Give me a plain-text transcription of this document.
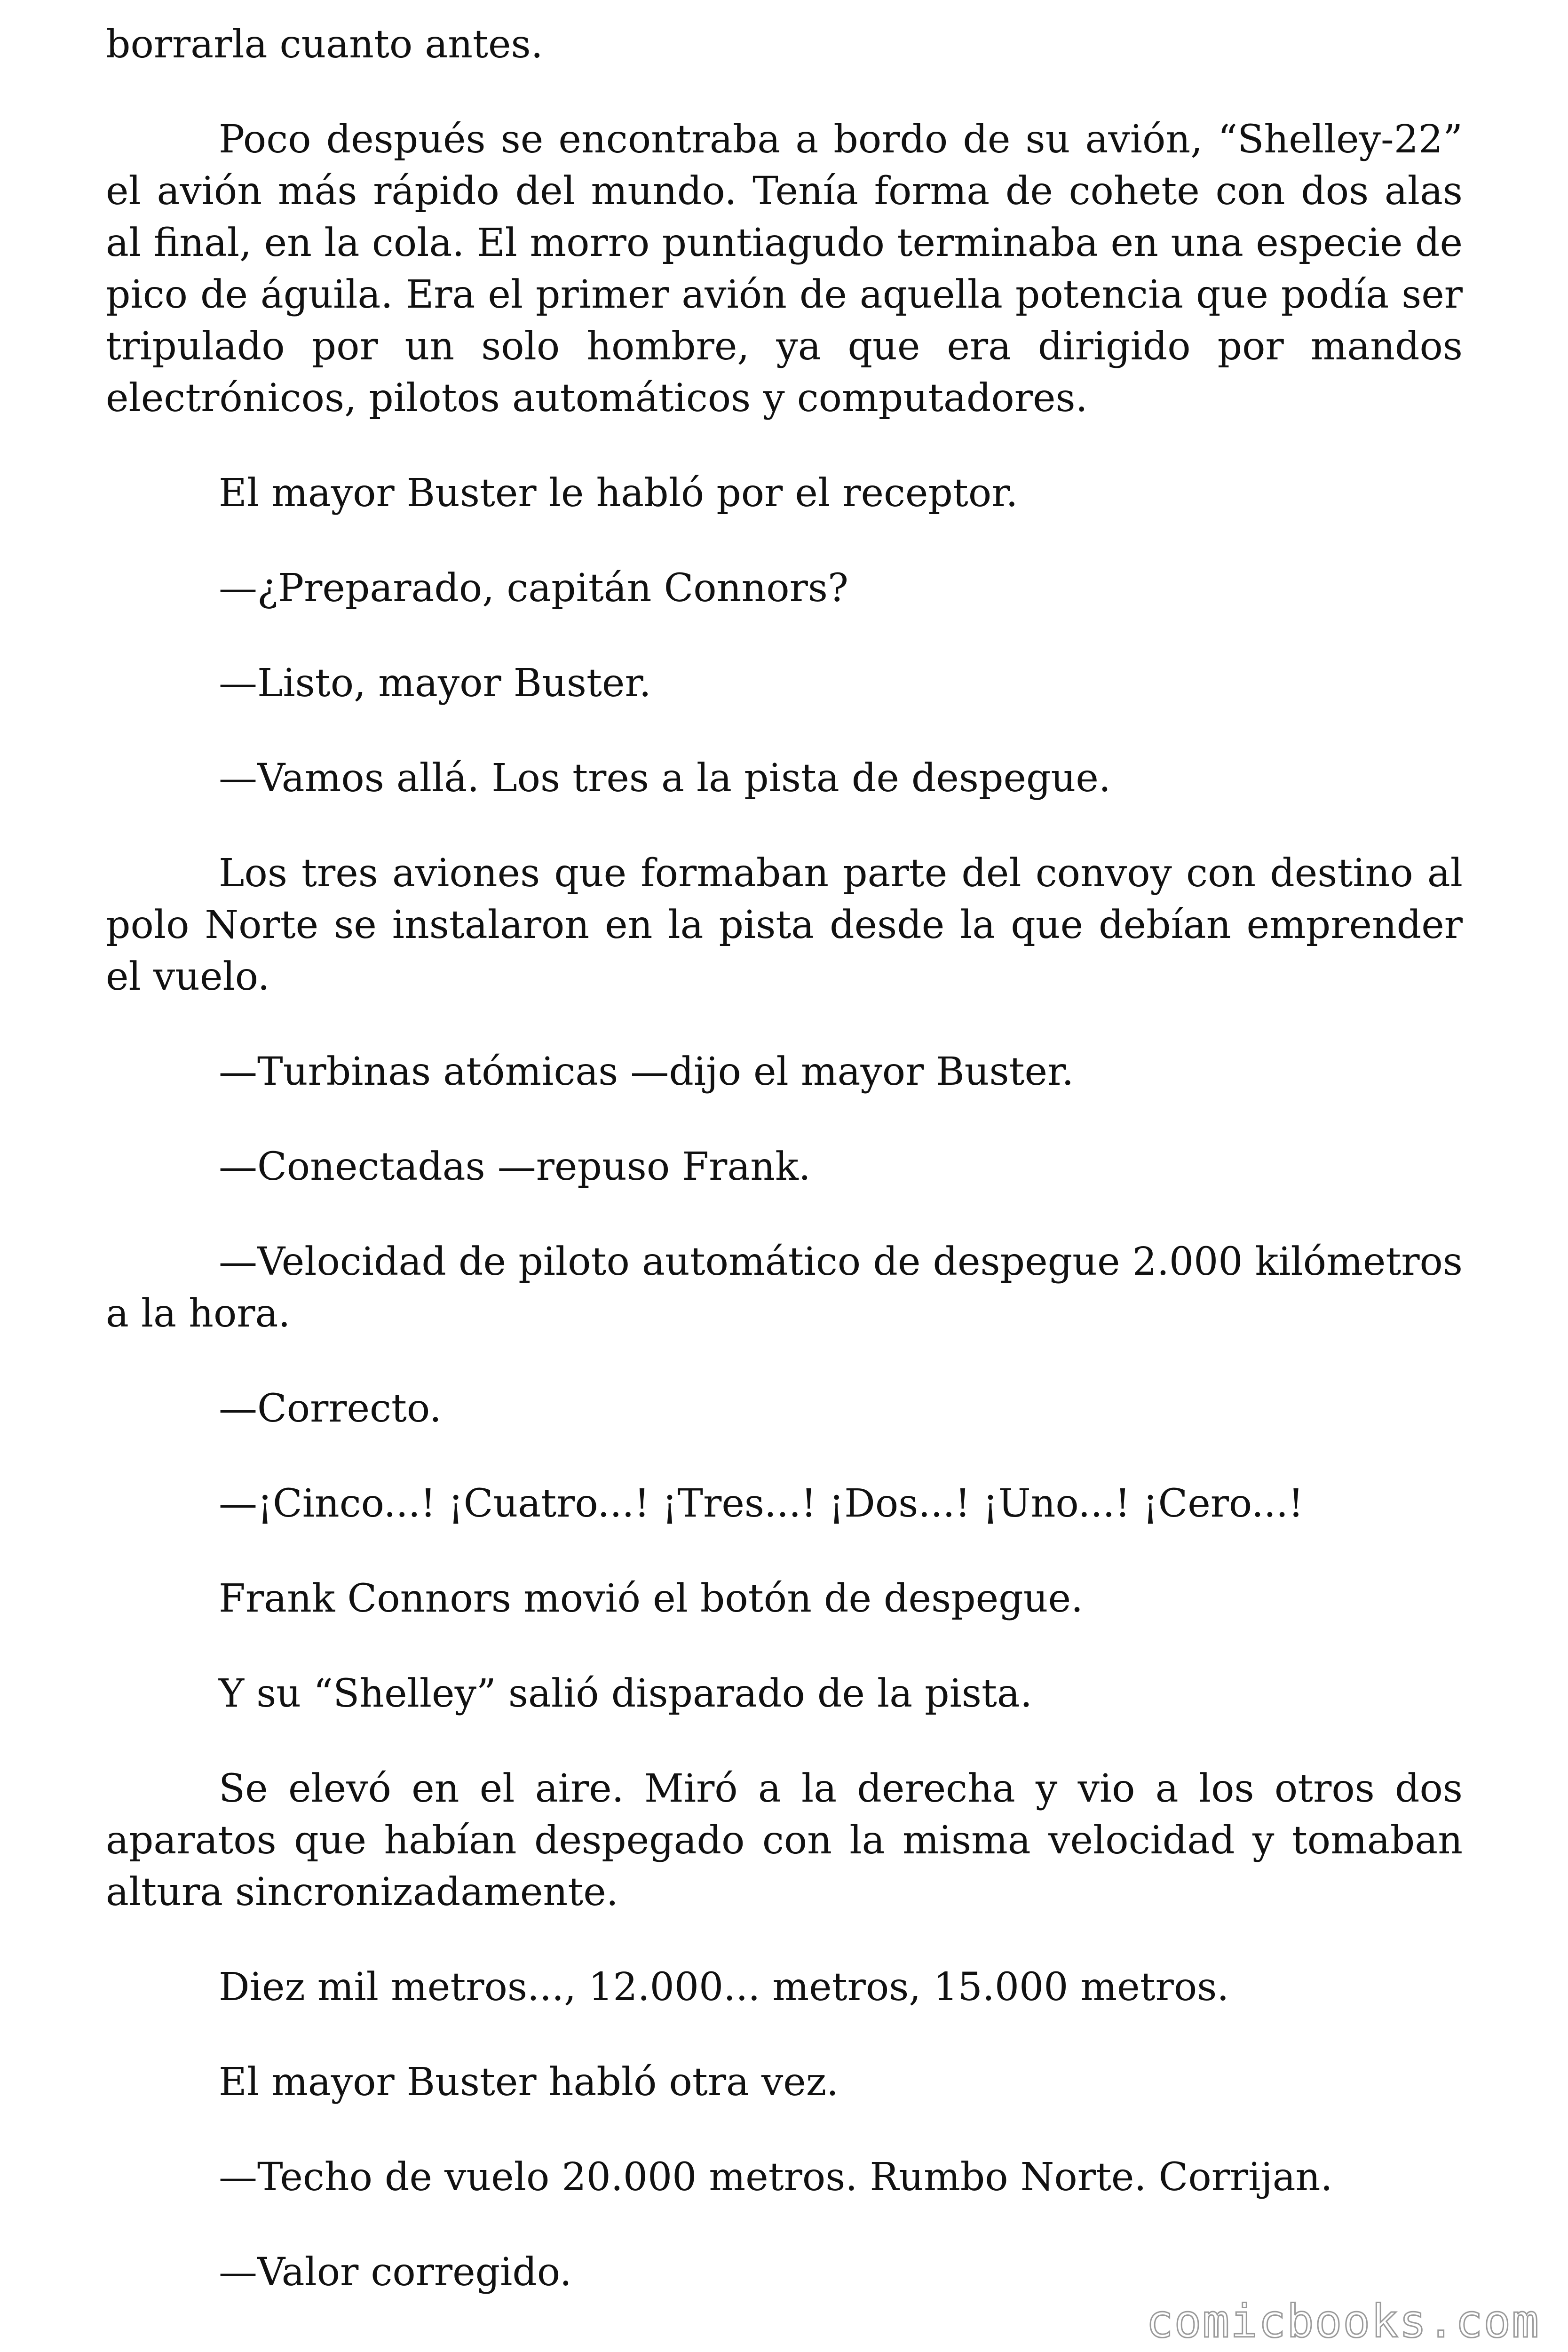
borrarla cuanto antes.

Poco después se encontraba a bordo de su avión, “Shelley-22” el avión más rápido del mundo. Tenía forma de cohete con dos alas al final, en la cola. El morro puntiagudo terminaba en una especie de pico de águila. Era el primer avión de aquella potencia que podía ser tripulado por un solo hombre, ya que era dirigido por mandos electrónicos, pilotos automáticos y computadores.

El mayor Buster le habló por el receptor.

—¿Preparado, capitán Connors?

—Listo, mayor Buster.

—Vamos allá. Los tres a la pista de despegue.

Los tres aviones que formaban parte del convoy con destino al polo Norte se instalaron en la pista desde la que debían emprender el vuelo.

—Turbinas atómicas —dijo el mayor Buster.

—Conectadas —repuso Frank.

—Velocidad de piloto automático de despegue 2.000 kilómetros a la hora.

—Correcto.

—¡Cinco...! ¡Cuatro...! ¡Tres...! ¡Dos...! ¡Uno...! ¡Cero...!

Frank Connors movió el botón de despegue.

Y su “Shelley” salió disparado de la pista.

Se elevó en el aire. Miró a la derecha y vio a los otros dos aparatos que habían despegado con la misma velocidad y tomaban altura sincronizadamente.

Diez mil metros..., 12.000... metros, 15.000 metros.

El mayor Buster habló otra vez.

—Techo de vuelo 20.000 metros. Rumbo Norte. Corrijan.

—Valor corregido.

comicbooks.com
